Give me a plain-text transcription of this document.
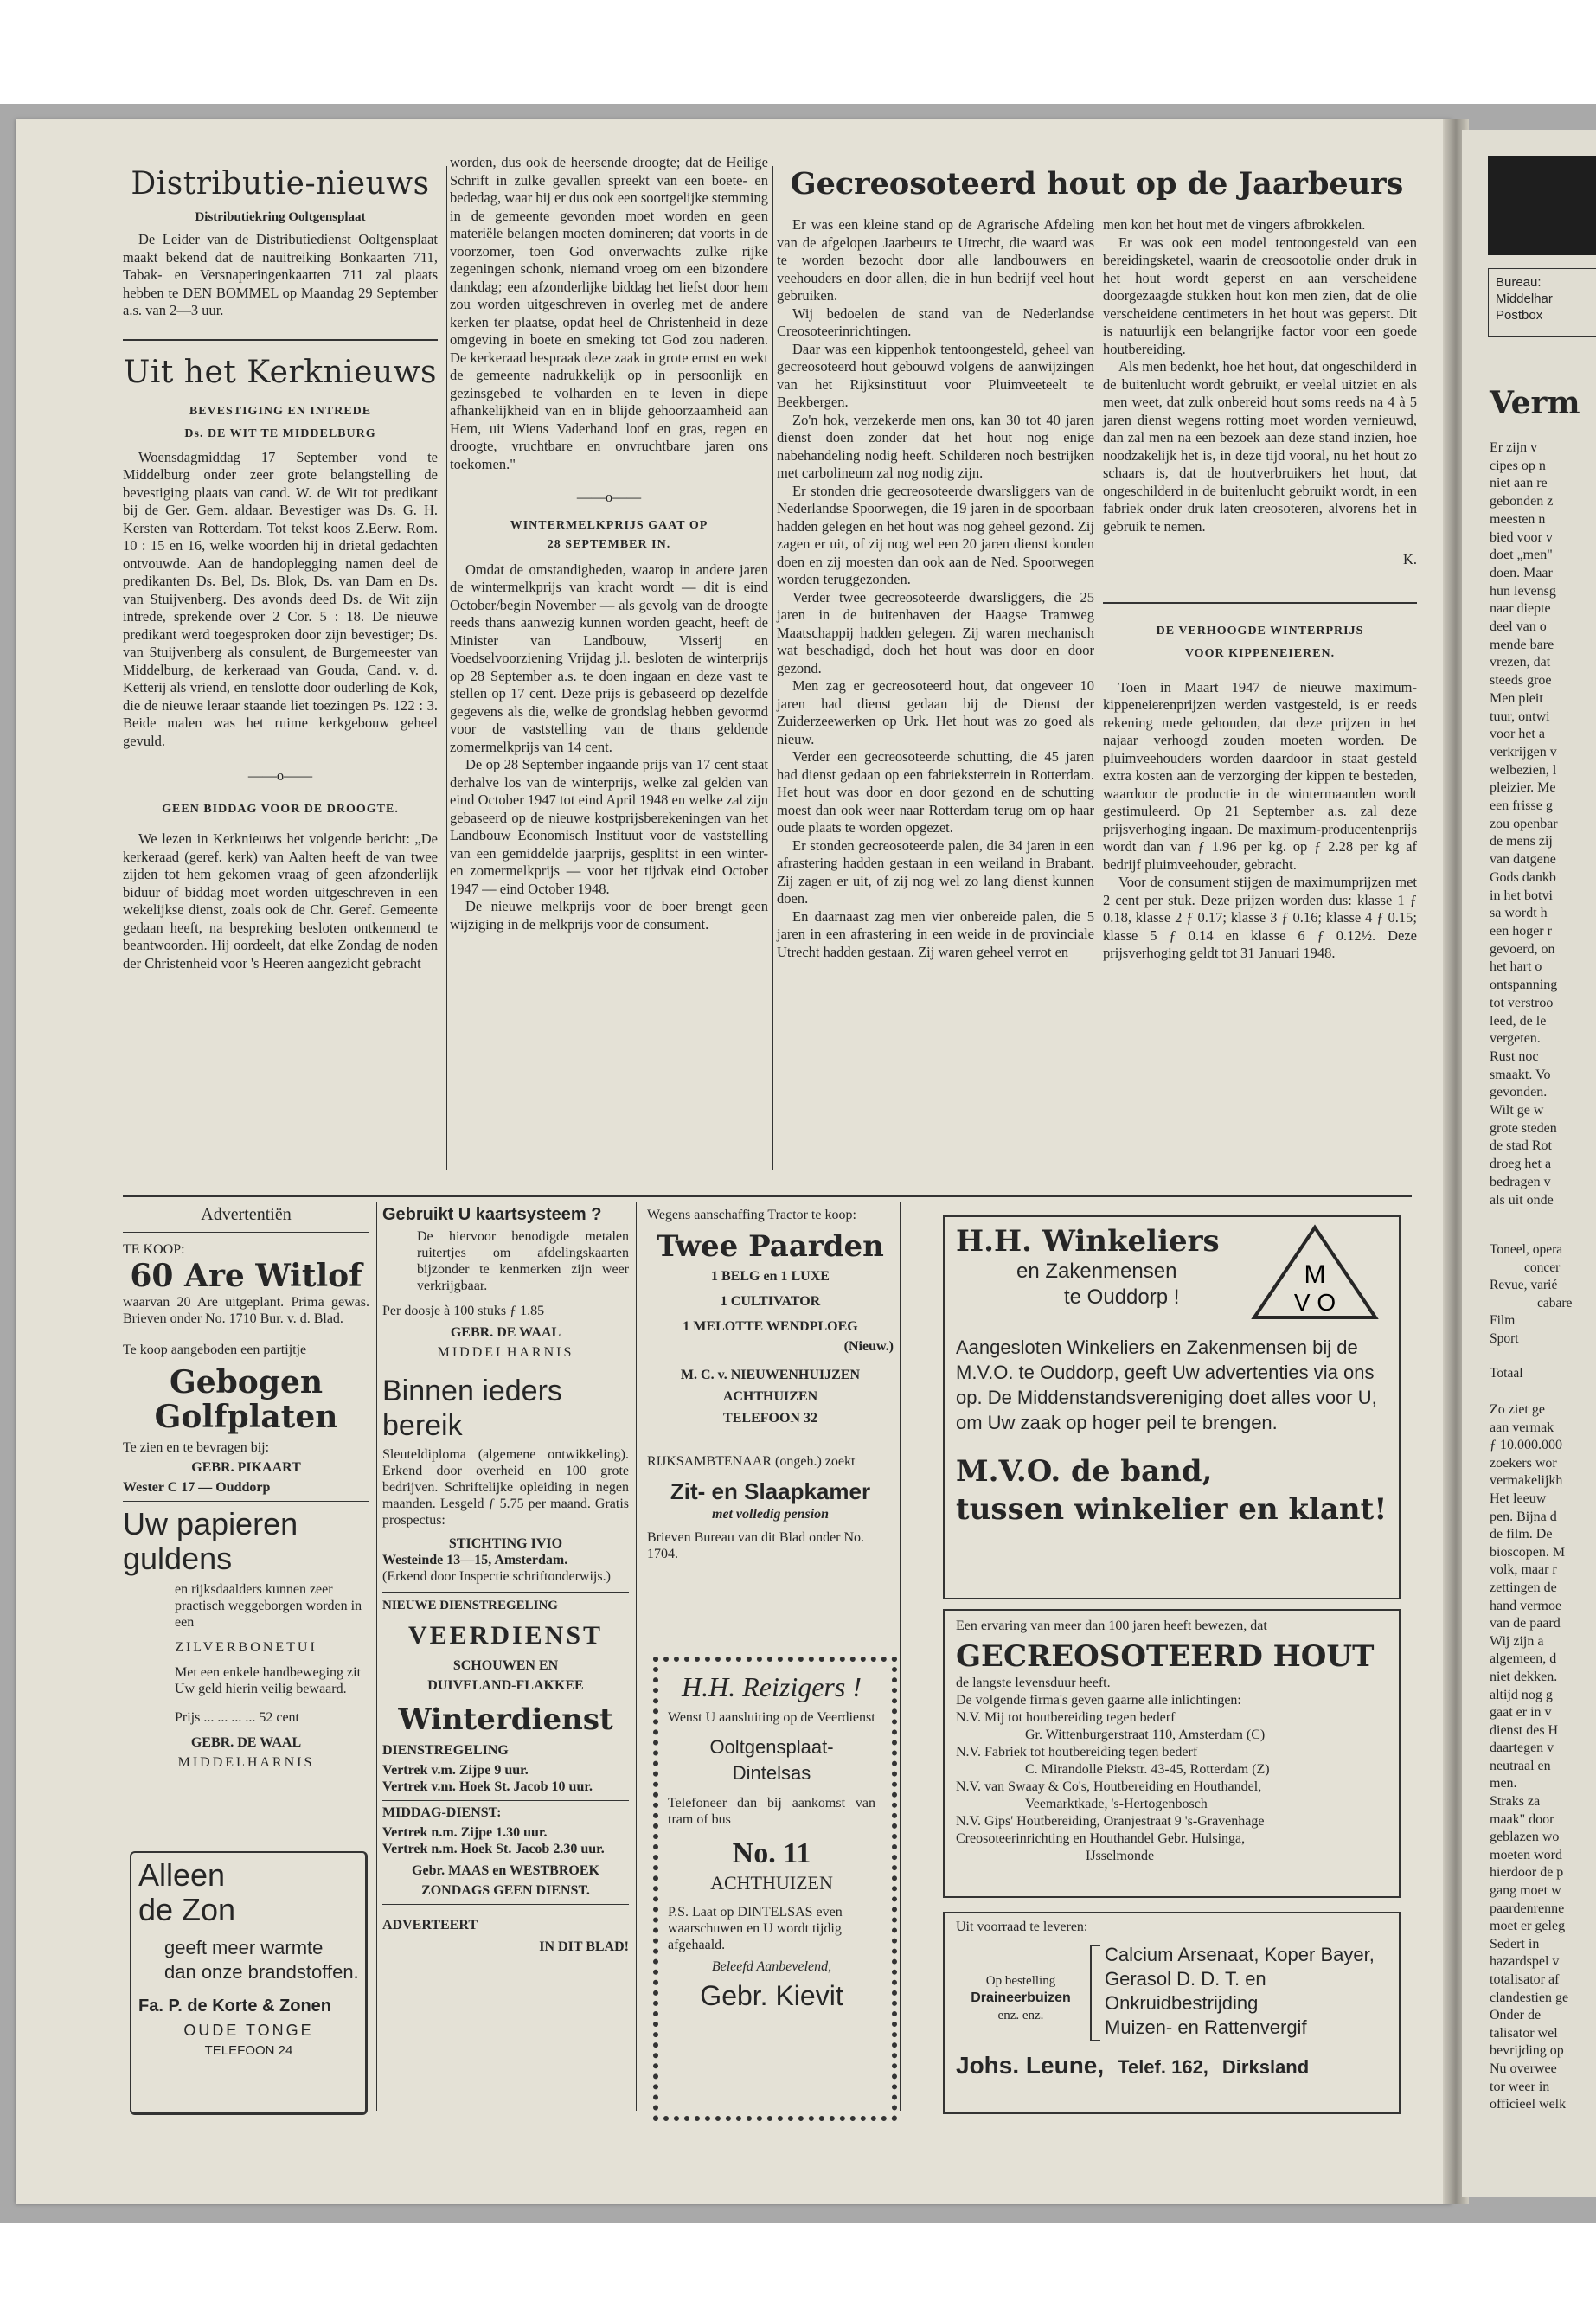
Bureau:
Middelhar
Postbox
Verm
Er zijn v
cipes op n
niet aan re
gebonden z
meesten n
bied voor v
doet „men"
doen. Maar
hun levensg
naar diepte
deel van o
mende bare
vrezen, dat
steeds groe
Men pleit
tuur, ontwi
voor het a
verkrijgen v
welbezien, l
pleizier. Me
een frisse g
zou openbar
de mens zij
van datgene
Gods dankb
in het botvi
sa wordt h
een hoger r
gevoerd, on
het hart o
ontspanning
tot verstroo
leed, de le
vergeten.
Rust noc
smaakt. Vo
gevonden.
Wilt ge w
grote steden
de stad Rot
droeg het a
bedragen v
als uit onde
Toneel, opera
concer
Revue, varié
cabare
Film
Sport
Totaal
Zo ziet ge
aan vermak
ƒ 10.000.000
zoekers wor
vermakelijkh
Het leeuw
pen. Bijna d
de film. De
bioscopen. M
volk, maar r
zettingen de
hand vermoe
van de paard
Wij zijn a
algemeen, d
niet dekken.
altijd nog g
gaat er in v
dienst des H
daartegen v
neutraal en
men.
Straks za
maak" door
geblazen wo
moeten word
hierdoor de p
gang moet w
paardenrenne
moet er geleg
Sedert in
hazardspel v
totalisator af
clandestien ge
Onder de
talisator wel
bevrijding op
Nu overwee
tor weer in
officieel welk
Distributie-nieuws
Distributiekring Ooltgensplaat

De Leider van de Distributiedienst Ooltgensplaat maakt bekend dat de nauitreiking Bonkaarten 711, Tabak- en Versnaperingenkaarten 711 zal plaats hebben te DEN BOMMEL op Maandag 29 September a.s. van 2—3 uur.

Uit het Kerknieuws
BEVESTIGING EN INTREDE
Ds. DE WIT TE MIDDELBURG

Woensdagmiddag 17 September vond te Middelburg onder zeer grote belangstelling de bevestiging plaats van cand. W. de Wit tot predikant bij de Ger. Gem. aldaar. Bevestiger was Ds. G. H. Kersten van Rotterdam. Tot tekst koos Z.Eerw. Rom. 10 : 15 en 16, welke woorden hij in drietal gedachten ontvouwde. Aan de handoplegging namen deel de predikanten Ds. Bel, Ds. Blok, Ds. van Dam en Ds. van Stuijvenberg. Des avonds deed Ds. de Wit zijn intrede, sprekende over 2 Cor. 5 : 18. De nieuwe predikant werd toegesproken door zijn bevestiger; Ds. van Stuijvenberg als consulent, de Burgemeester van Middelburg, de kerkeraad van Gouda, Cand. v. d. Ketterij als vriend, en tenslotte door ouderling de Kok, die de nieuwe leraar staande liet toezingen Ps. 122 : 3. Beide malen was het ruime kerkgebouw geheel gevuld.

——o——
GEEN BIDDAG VOOR DE DROOGTE.

We lezen in Kerknieuws het volgende bericht: „De kerkeraad (geref. kerk) van Aalten heeft de van twee zijden tot hem gekomen vraag of geen afzonderlijk biduur of biddag moet worden uitgeschreven in een wekelijkse dienst, zoals ook de Chr. Geref. Gemeente gedaan heeft, na bespreking besloten ontkennend te beantwoorden. Hij oordeelt, dat elke Zondag de noden der Christenheid voor 's Heeren aangezicht gebracht

worden, dus ook de heersende droogte; dat de Heilige Schrift in zulke gevallen spreekt van een boete- en bededag, waar bij er dus ook een soortgelijke stemming in de gemeente gevonden moet worden en geen materiële belangen moeten domineren; dat voorts in de voorzomer, toen God onverwachts zulke rijke zegeningen schonk, niemand vroeg om een bizondere dankdag; een afzonderlijke biddag het liefst door hem zou worden uitgeschreven in overleg met de andere kerken ter plaatse, opdat heel de Christenheid in deze omgeving in boete en smeking tot God zou naderen. De kerkeraad bespraak deze zaak in grote ernst en wekt de gemeente nadrukkelijk op in persoonlijk en gezinsgebed te volharden en te leven in diepe afhankelijkheid van en in blijde gehoorzaamheid aan Hem, uit Wiens Vaderhand loof en gras, regen en droogte, vruchtbare en onvruchtbare jaren ons toekomen."

——o——
WINTERMELKPRIJS GAAT OP
28 SEPTEMBER IN.

Omdat de omstandigheden, waarop in andere jaren de wintermelkprijs van kracht wordt — dit is eind October/begin November — als gevolg van de droogte reeds thans aanwezig kunnen worden geacht, heeft de Minister van Landbouw, Visserij en Voedselvoorziening Vrijdag j.l. besloten de winterprijs op 28 September a.s. te doen ingaan en deze vast te stellen op 17 cent. Deze prijs is gebaseerd op dezelfde gegevens als die, welke de grondslag hebben gevormd voor de vaststelling van de thans geldende zomermelkprijs van 14 cent.

De op 28 September ingaande prijs van 17 cent staat derhalve los van de winterprijs, welke zal gelden van eind October 1947 tot eind April 1948 en welke zal zijn gebaseerd op de nieuwe kostprijsberekeningen van het Landbouw Economisch Instituut voor de vaststelling van een gemiddelde jaarprijs, gesplitst in een winter- en zomermelkprijs — voor het tijdvak eind October 1947 — eind October 1948.

De nieuwe melkprijs voor de boer brengt geen wijziging in de melkprijs voor de consument.

Gecreosoteerd hout op de Jaarbeurs

Er was een kleine stand op de Agrarische Afdeling van de afgelopen Jaarbeurs te Utrecht, die waard was te worden bezocht door alle landbouwers en veehouders en door allen, die in hun bedrijf veel hout gebruiken.

Wij bedoelen de stand van de Nederlandse Creosoteerinrichtingen.

Daar was een kippenhok tentoongesteld, geheel van gecreosoteerd hout gebouwd volgens de aanwijzingen van het Rijksinstituut voor Pluimveeteelt te Beekbergen.

Zo'n hok, verzekerde men ons, kan 30 tot 40 jaren dienst doen zonder dat het hout nog enige nabehandeling nodig heeft. Schilderen noch bestrijken met carbolineum zal nog nodig zijn.

Er stonden drie gecreosoteerde dwarsliggers van de Nederlandse Spoorwegen, die 19 jaren in de spoorbaan hadden gelegen en het hout was nog geheel gezond. Zij zagen er uit, of zij nog wel een 20 jaren dienst konden doen en zij moesten dan ook aan de Ned. Spoorwegen worden teruggezonden.

Verder twee gecreosoteerde dwarsliggers, die 25 jaren in de buitenhaven der Haagse Tramweg Maatschappij hadden gelegen. Zij waren mechanisch wat beschadigd, doch het hout was door en door gezond.

Men zag er gecreosoteerd hout, dat ongeveer 10 jaren had dienst gedaan bij de Dienst der Zuiderzeewerken op Urk. Het hout was zo goed als nieuw.

Verder een gecreosoteerde schutting, die 45 jaren had dienst gedaan op een fabrieksterrein in Rotterdam. Het hout was door en door gezond en de schutting moest dan ook weer naar Rotterdam terug om op haar oude plaats te worden opgezet.

Er stonden gecreosoteerde palen, die 34 jaren in een afrastering hadden gestaan in een weiland in Brabant. Zij zagen er uit, of zij nog wel zo lang dienst kunnen doen.

En daarnaast zag men vier onbereide palen, die 5 jaren in een afrastering in een weide in de provinciale Utrecht hadden gestaan. Zij waren geheel verrot en

men kon het hout met de vingers afbrokkelen.

Er was ook een model tentoongesteld van een bereidingsketel, waarin de creosootolie onder druk in het hout wordt geperst en aan verscheidene doorgezaagde stukken hout kon men zien, dat de olie verscheidene centimeters in het hout was geperst. Dit is natuurlijk een belangrijke factor voor een goede houtbereiding.

Als men bedenkt, hoe het hout, dat ongeschilderd in de buitenlucht wordt gebruikt, er veelal uitziet en als men weet, dat zulk onbereid hout soms reeds na 4 à 5 jaren dienst wegens rotting moet worden vernieuwd, dan zal men na een bezoek aan deze stand inzien, hoe noodzakelijk het is, in deze tijd vooral, nu het hout zo schaars is, dat de houtverbruikers het hout, dat ongeschilderd in de buitenlucht gebruikt wordt, in een fabriek onder druk laten creosoteren, alvorens het in gebruik te nemen.

K.
DE VERHOOGDE WINTERPRIJS
VOOR KIPPENEIEREN.

Toen in Maart 1947 de nieuwe maximum-kippeneierenprijzen werden vastgesteld, is er reeds rekening mede gehouden, dat deze prijzen in het najaar verhoogd zouden moeten worden. De pluimveehouders worden daardoor in staat gesteld extra kosten aan de verzorging der kippen te besteden, waardoor de productie in de wintermaanden wordt gestimuleerd. Op 21 September a.s. zal deze prijsverhoging ingaan. De maximum-producentenprijs wordt dan van ƒ 1.96 per kg. op ƒ 2.28 per kg af bedrijf pluimveehouder, gebracht.

Voor de consument stijgen de maximumprijzen met 2 cent per stuk. Deze prijzen worden dus: klasse 1 ƒ 0.18, klasse 2 ƒ 0.17; klasse 3 ƒ 0.16; klasse 4 ƒ 0.15; klasse 5 ƒ 0.14 en klasse 6 ƒ 0.12½. Deze prijsverhoging geldt tot 31 Januari 1948.

Advertentiën
TE KOOP:
60 Are Witlof
waarvan 20 Are uitgeplant. Prima gewas. Brieven onder No. 1710 Bur. v. d. Blad.
Te koop aangeboden een partijtje
Gebogen
Golfplaten
Te zien en te bevragen bij:
GEBR. PIKAART
Wester C 17 — Ouddorp
Uw papieren
guldens
en rijksdaalders kunnen zeer practisch weggeborgen worden in een
ZILVERBONETUI
Met een enkele handbeweging zit Uw geld hierin veilig bewaard.
Prijs ... ... ... ... 52 cent
GEBR. DE WAAL
MIDDELHARNIS
Alleen
de Zon
geeft meer warmte dan onze brandstoffen.
Fa. P. de Korte & Zonen
OUDE TONGE
TELEFOON 24
Gebruikt U kaartsysteem ?
De hiervoor benodigde metalen ruitertjes om afdelingskaarten bijzonder te kenmerken zijn weer verkrijgbaar.
Per doosje à 100 stuks ƒ 1.85
GEBR. DE WAAL
MIDDELHARNIS
Binnen ieders
bereik
Sleuteldiploma (algemene ontwikkeling). Erkend door overheid en 100 grote bedrijven. Schriftelijke opleiding in negen maanden. Lesgeld ƒ 5.75 per maand. Gratis prospectus:
STICHTING IVIO
Westeinde 13—15, Amsterdam.
(Erkend door Inspectie schriftonderwijs.)
NIEUWE DIENSTREGELING
VEERDIENST
SCHOUWEN EN
DUIVELAND-FLAKKEE
Winterdienst
DIENSTREGELING
Vertrek v.m. Zijpe 9 uur.
Vertrek v.m. Hoek St. Jacob 10 uur.
MIDDAG-DIENST:
Vertrek n.m. Zijpe 1.30 uur.
Vertrek n.m. Hoek St. Jacob 2.30 uur.
Gebr. MAAS en WESTBROEK
ZONDAGS GEEN DIENST.
ADVERTEERT
IN DIT BLAD!
Wegens aanschaffing Tractor te koop:
Twee Paarden
1 BELG en 1 LUXE
1 CULTIVATOR
1 MELOTTE WENDPLOEG
(Nieuw.)
M. C. v. NIEUWENHUIJZEN
ACHTHUIZEN
TELEFOON 32
RIJKSAMBTENAAR (ongeh.) zoekt
Zit- en Slaapkamer
met volledig pension
Brieven Bureau van dit Blad onder No. 1704.
H.H. Reizigers !
Wenst U aansluiting op de Veerdienst
Ooltgensplaat-
Dintelsas
Telefoneer dan bij aankomst van tram of bus
No. 11
ACHTHUIZEN
P.S. Laat op DINTELSAS even waarschuwen en U wordt tijdig afgehaald.
Beleefd Aanbevelend,
Gebr. Kievit
H.H. Winkeliers
en Zakenmensen
te Ouddorp !
M
V O
Aangesloten Winkeliers en Zakenmensen bij de M.V.O. te Ouddorp, geeft Uw advertenties via ons op. De Middenstandsvereniging doet alles voor U, om Uw zaak op hoger peil te brengen.
M.V.O. de band,
tussen winkelier en klant!
Een ervaring van meer dan 100 jaren heeft bewezen, dat
GECREOSOTEERD HOUT
de langste levensduur heeft.
De volgende firma's geven gaarne alle inlichtingen:
N.V. Mij tot houtbereiding tegen bederf
Gr. Wittenburgerstraat 110, Amsterdam (C)
N.V. Fabriek tot houtbereiding tegen bederf
C. Mirandolle Piekstr. 43-45, Rotterdam (Z)
N.V. van Swaay & Co's, Houtbereiding en Houthandel,
Veemarktkade, 's-Hertogenbosch
N.V. Gips' Houtbereiding, Oranjestraat 9 's-Gravenhage
Creosoteerinrichting en Houthandel Gebr. Hulsinga,
IJsselmonde
Uit voorraad te leveren:
Calcium Arsenaat, Koper Bayer,
Gerasol D. D. T. en
Onkruidbestrijding
Muizen- en Rattenvergif
Op bestelling
Draineerbuizen
enz. enz.
Johs. Leune, Telef. 162, Dirksland
